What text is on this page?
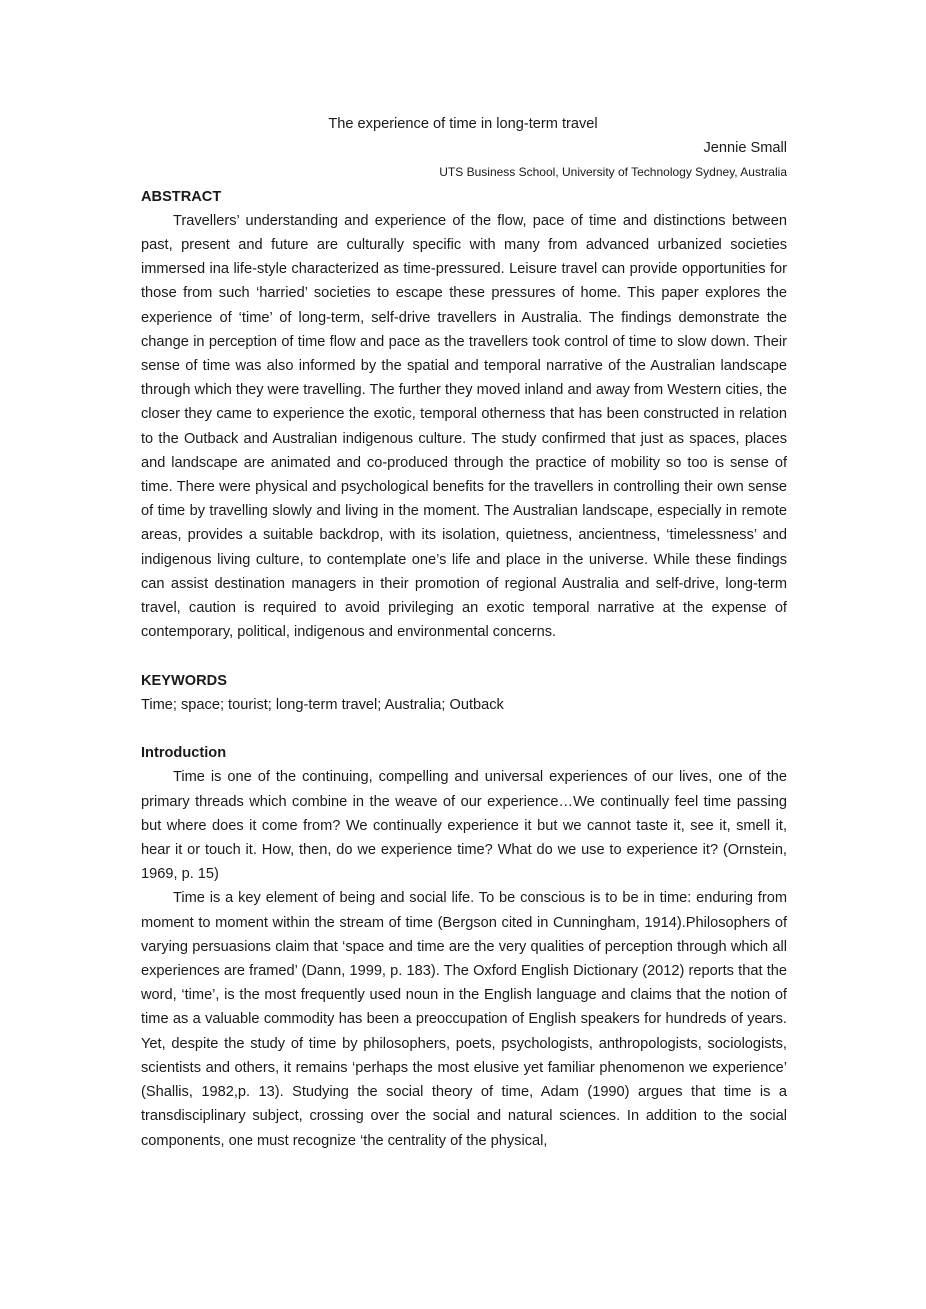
The experience of time in long-term travel

Jennie Small

UTS Business School, University of Technology Sydney, Australia

ABSTRACT

Travellers’ understanding and experience of the flow, pace of time and distinctions between past, present and future are culturally specific with many from advanced urbanized societies immersed ina life-style characterized as time-pressured. Leisure travel can provide opportunities for those from such ‘harried’ societies to escape these pressures of home. This paper explores the experience of ‘time’ of long-term, self-drive travellers in Australia. The findings demonstrate the change in perception of time flow and pace as the travellers took control of time to slow down. Their sense of time was also informed by the spatial and temporal narrative of the Australian landscape through which they were travelling. The further they moved inland and away from Western cities, the closer they came to experience the exotic, temporal otherness that has been constructed in relation to the Outback and Australian indigenous culture. The study confirmed that just as spaces, places and landscape are animated and co-produced through the practice of mobility so too is sense of time. There were physical and psychological benefits for the travellers in controlling their own sense of time by travelling slowly and living in the moment. The Australian landscape, especially in remote areas, provides a suitable backdrop, with its isolation, quietness, ancientness, ‘timelessness’ and indigenous living culture, to contemplate one’s life and place in the universe. While these findings can assist destination managers in their promotion of regional Australia and self-drive, long-term travel, caution is required to avoid privileging an exotic temporal narrative at the expense of contemporary, political, indigenous and environmental concerns.

KEYWORDS

Time; space; tourist; long-term travel; Australia; Outback

Introduction

Time is one of the continuing, compelling and universal experiences of our lives, one of the primary threads which combine in the weave of our experience…We continually feel time passing but where does it come from? We continually experience it but we cannot taste it, see it, smell it, hear it or touch it. How, then, do we experience time? What do we use to experience it? (Ornstein, 1969, p. 15)

Time is a key element of being and social life. To be conscious is to be in time: enduring from moment to moment within the stream of time (Bergson cited in Cunningham, 1914).Philosophers of varying persuasions claim that ‘space and time are the very qualities of perception through which all experiences are framed’ (Dann, 1999, p. 183). The Oxford English Dictionary (2012) reports that the word, ‘time’, is the most frequently used noun in the English language and claims that the notion of time as a valuable commodity has been a preoccupation of English speakers for hundreds of years. Yet, despite the study of time by philosophers, poets, psychologists, anthropologists, sociologists, scientists and others, it remains ‘perhaps the most elusive yet familiar phenomenon we experience’ (Shallis, 1982,p. 13). Studying the social theory of time, Adam (1990) argues that time is a transdisciplinary subject, crossing over the social and natural sciences. In addition to the social components, one must recognize ‘the centrality of the physical,
